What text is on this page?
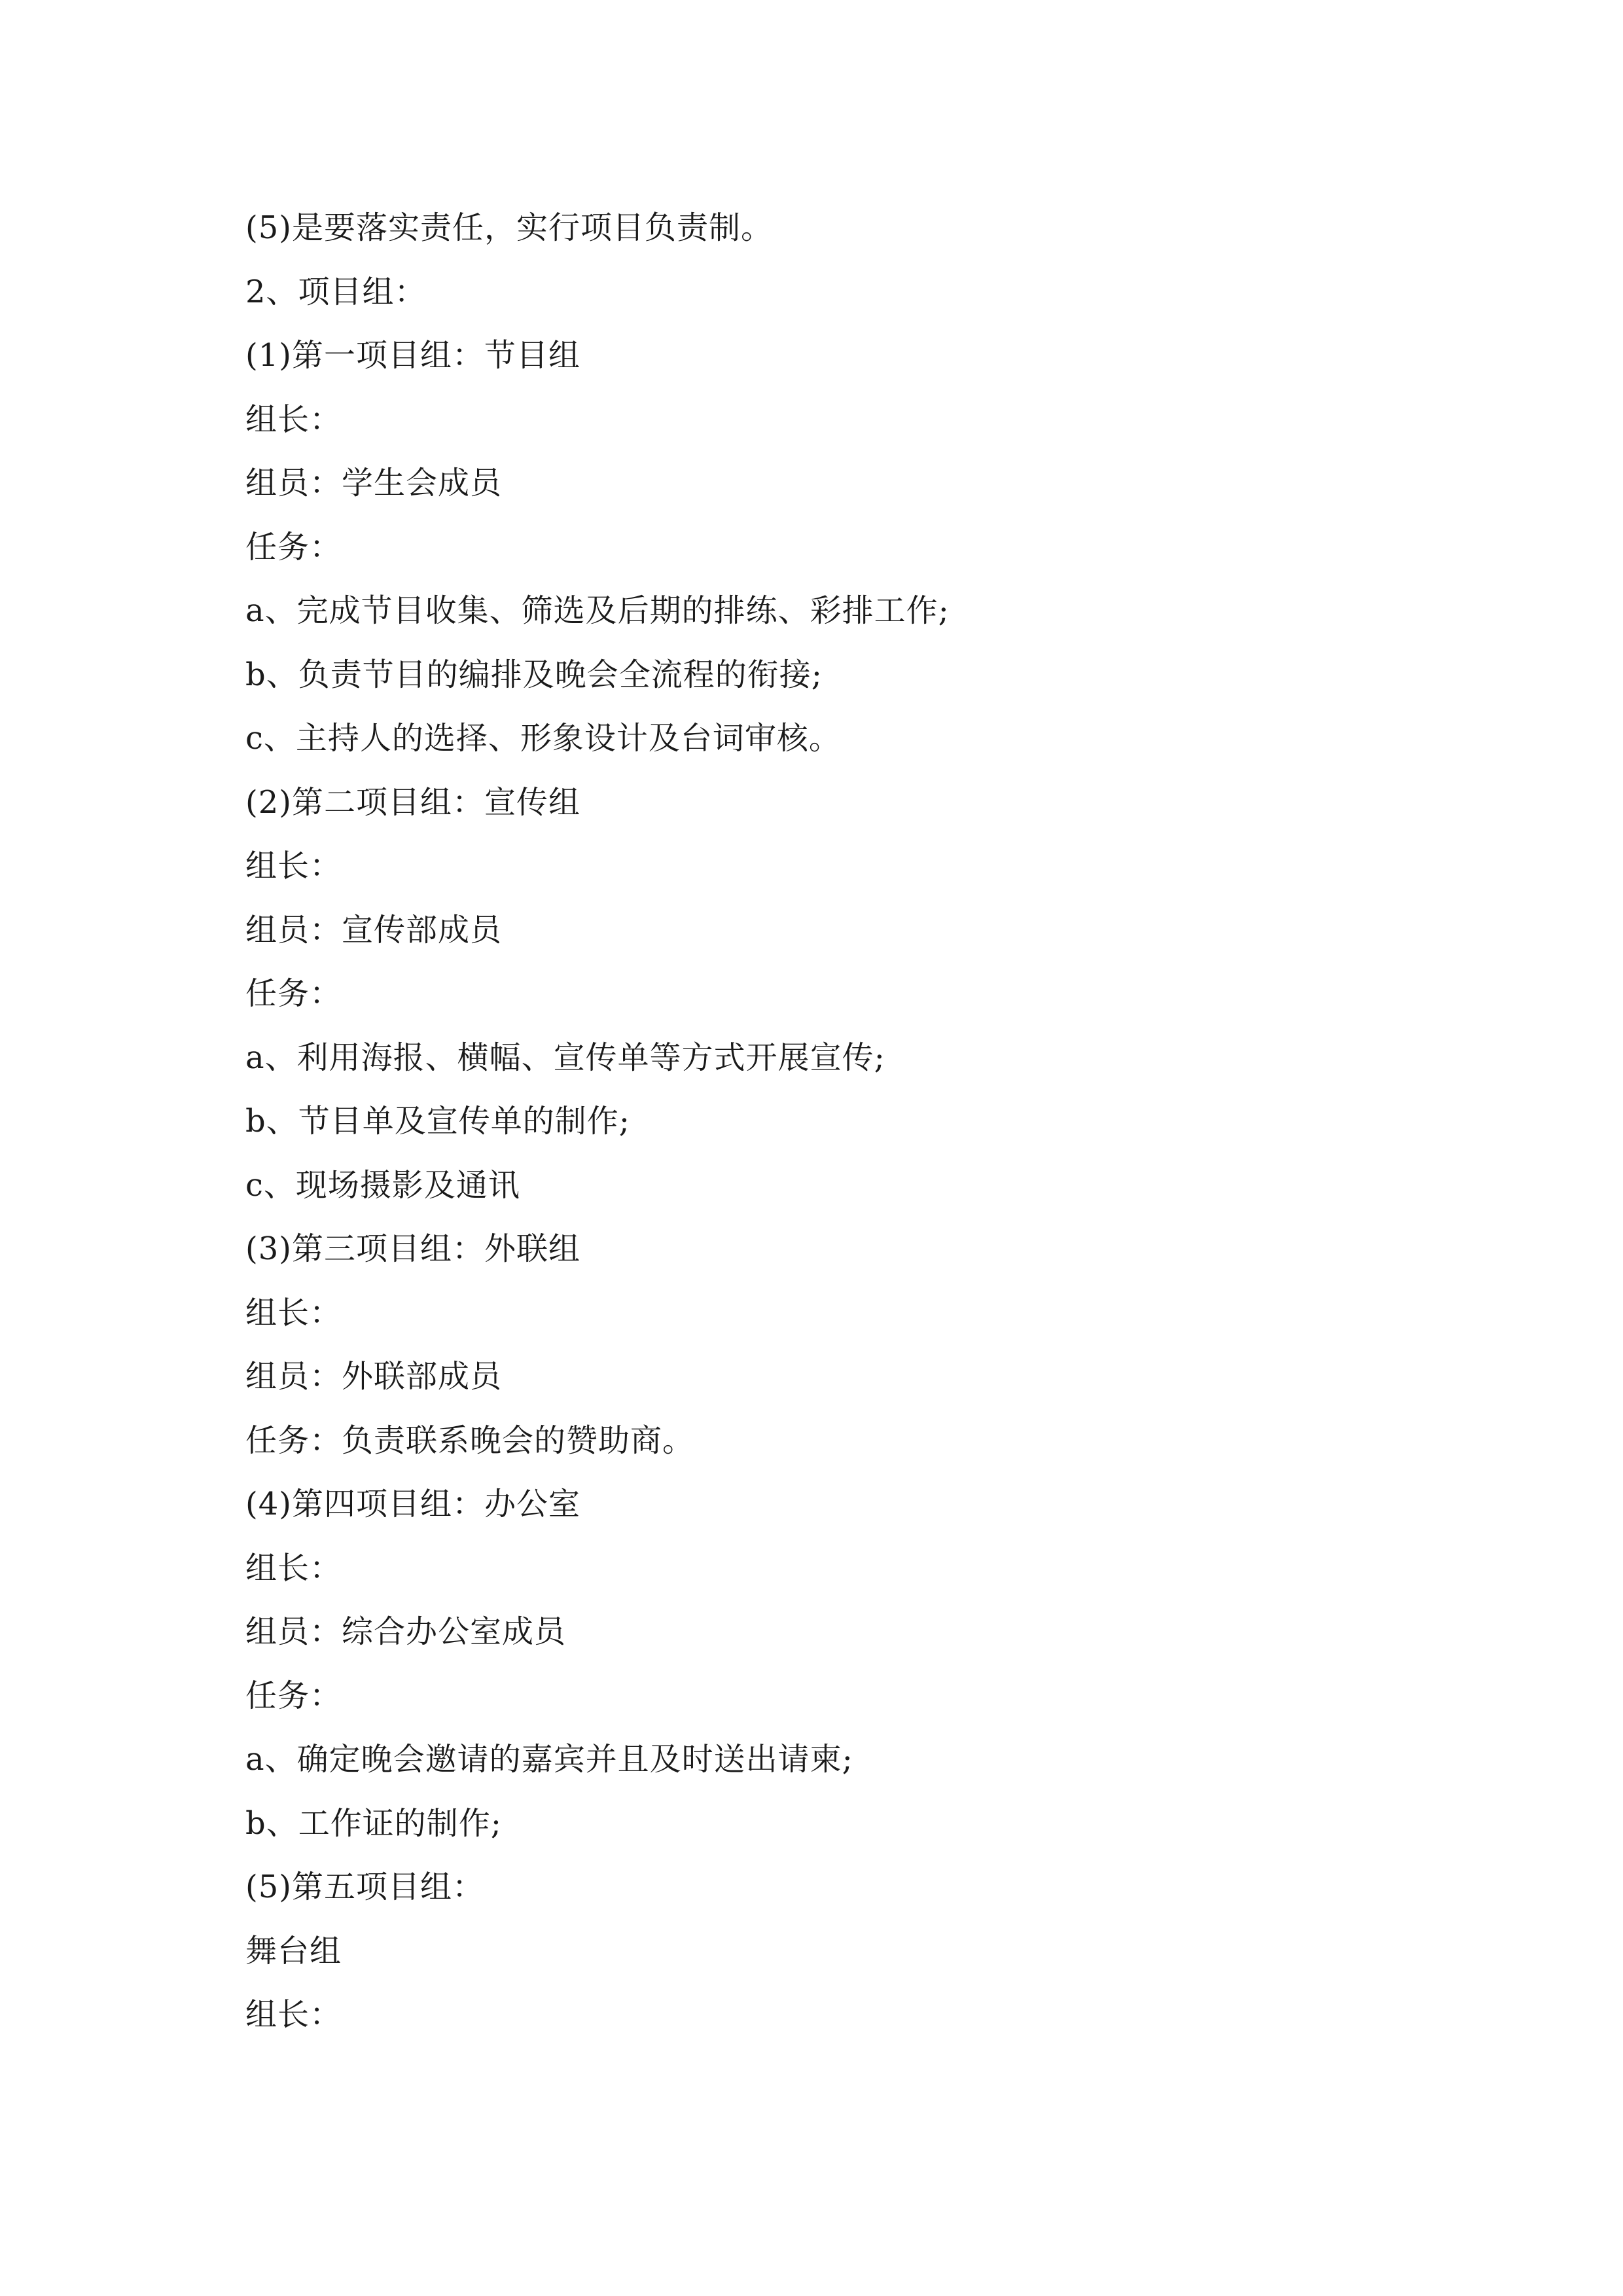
(5)是要落实责任，实行项目负责制。
2、项目组：
(1)第一项目组：节目组
组长：
组员：学生会成员
任务：
a、完成节目收集、筛选及后期的排练、彩排工作;
b、负责节目的编排及晚会全流程的衔接;
c、主持人的选择、形象设计及台词审核。
(2)第二项目组：宣传组
组长：
组员：宣传部成员
任务：
a、利用海报、横幅、宣传单等方式开展宣传;
b、节目单及宣传单的制作;
c、现场摄影及通讯
(3)第三项目组：外联组
组长：
组员：外联部成员
任务：负责联系晚会的赞助商。
(4)第四项目组：办公室
组长：
组员：综合办公室成员
任务：
a、确定晚会邀请的嘉宾并且及时送出请柬;
b、工作证的制作;
(5)第五项目组：
舞台组
组长：
